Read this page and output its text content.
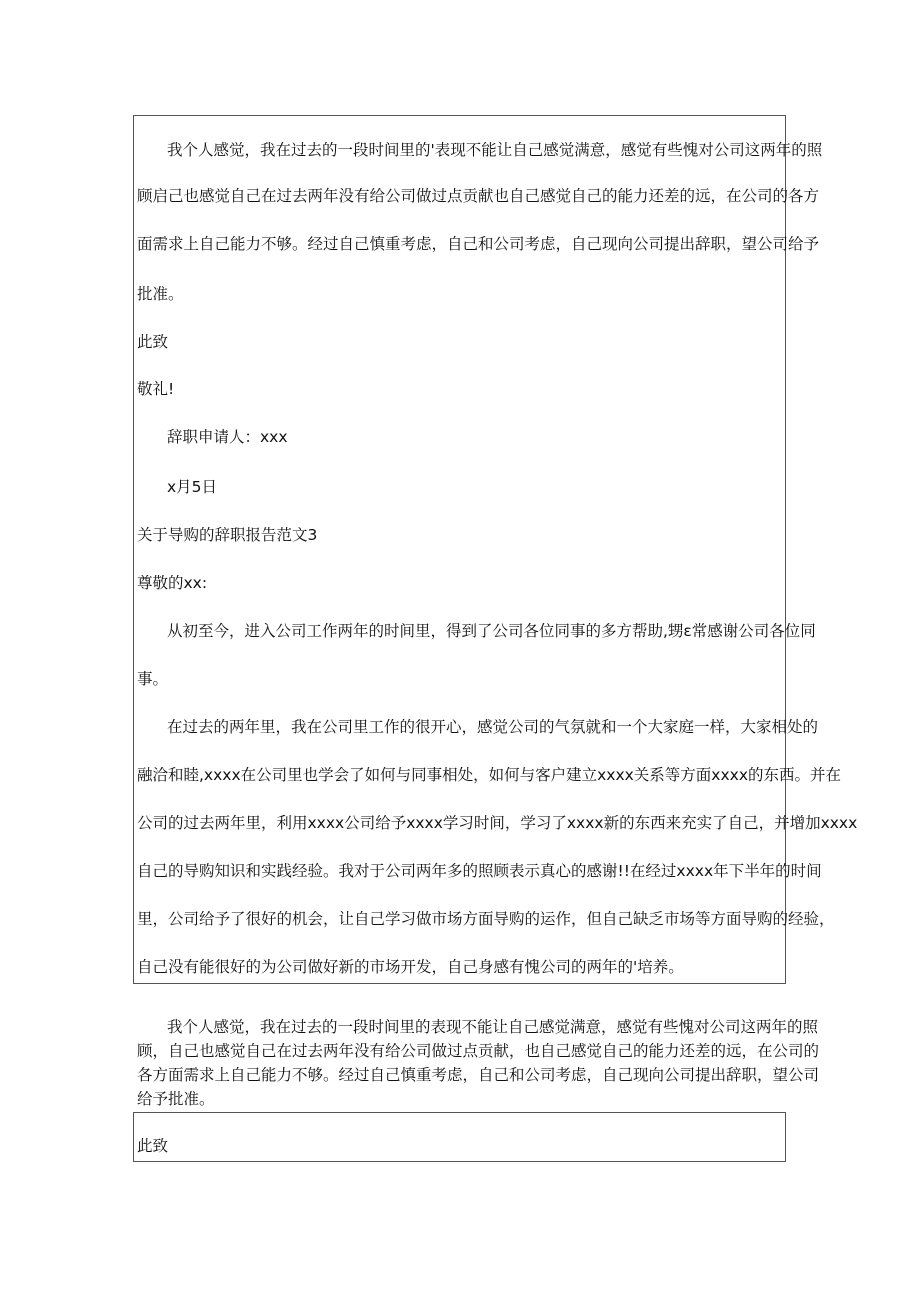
我个人感觉，我在过去的一段时间里的'表现不能让自己感觉满意，感觉有些愧对公司这两年的照
顾启己也感觉自己在过去两年没有给公司做过点贡献也自己感觉自己的能力还差的远，在公司的各方
面需求上自己能力不够。经过自己慎重考虑，自己和公司考虑，自己现向公司提出辞职，望公司给予
批准。
此致
敬礼!
辞职申请人：xxx
x月5日
关于导购的辞职报告范文3
尊敬的xx:
从初至今，进入公司工作两年的时间里，得到了公司各位同事的多方帮助,甥ε常感谢公司各位同
事。
在过去的两年里，我在公司里工作的很开心，感觉公司的气氛就和一个大家庭一样，大家相处的
融洽和睦,xxxx在公司里也学会了如何与同事相处，如何与客户建立xxxx关系等方面xxxx的东西。并在
公司的过去两年里，利用xxxx公司给予xxxx学习时间，学习了xxxx新的东西来充实了自己，并增加xxxx
自己的导购知识和实践经验。我对于公司两年多的照顾表示真心的感谢!!在经过xxxx年下半年的时间
里，公司给予了很好的机会，让自己学习做市场方面导购的运作，但自己缺乏市场等方面导购的经验，
自己没有能很好的为公司做好新的市场开发，自己身感有愧公司的两年的'培养。
我个人感觉，我在过去的一段时间里的表现不能让自己感觉满意，感觉有些愧对公司这两年的照
顾，自己也感觉自己在过去两年没有给公司做过点贡献，也自己感觉自己的能力还差的远，在公司的
各方面需求上自己能力不够。经过自己慎重考虑，自己和公司考虑，自己现向公司提出辞职，望公司
给予批准。
此致
